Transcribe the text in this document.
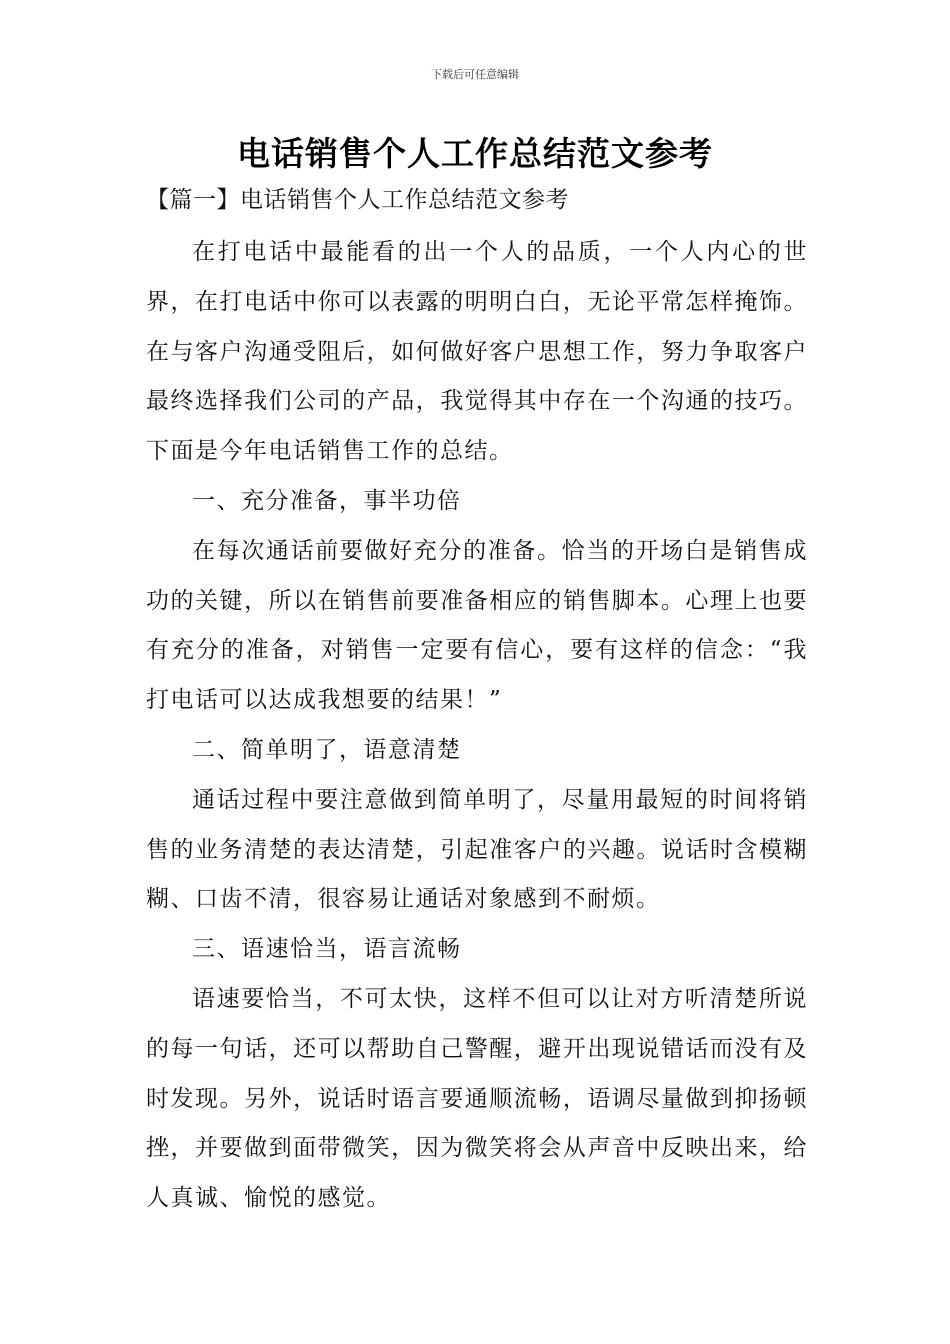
下载后可任意编辑
电话销售个人工作总结范文参考
【篇一】电话销售个人工作总结范文参考

在打电话中最能看的出一个人的品质，一个人内心的世界，在打电话中你可以表露的明明白白，无论平常怎样掩饰。在与客户沟通受阻后，如何做好客户思想工作，努力争取客户最终选择我们公司的产品，我觉得其中存在一个沟通的技巧。下面是今年电话销售工作的总结。

一、充分准备，事半功倍

在每次通话前要做好充分的准备。恰当的开场白是销售成功的关键，所以在销售前要准备相应的销售脚本。心理上也要有充分的准备，对销售一定要有信心，要有这样的信念：“我打电话可以达成我想要的结果！”

二、简单明了，语意清楚

通话过程中要注意做到简单明了，尽量用最短的时间将销售的业务清楚的表达清楚，引起准客户的兴趣。说话时含模糊糊、口齿不清，很容易让通话对象感到不耐烦。

三、语速恰当，语言流畅

语速要恰当，不可太快，这样不但可以让对方听清楚所说的每一句话，还可以帮助自己警醒，避开出现说错话而没有及时发现。另外，说话时语言要通顺流畅，语调尽量做到抑扬顿挫，并要做到面带微笑，因为微笑将会从声音中反映出来，给人真诚、愉悦的感觉。
